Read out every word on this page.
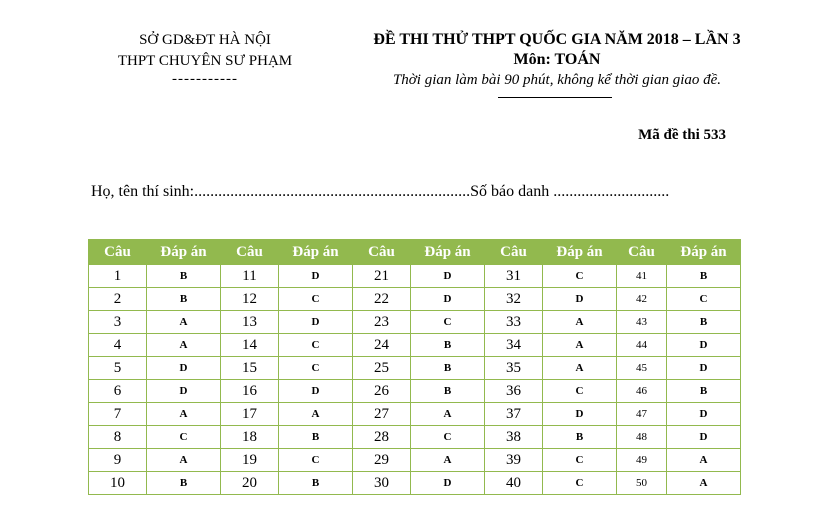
SỞ GD&ĐT HÀ NỘI
THPT CHUYÊN SƯ PHẠM
-----------
ĐỀ THI THỬ THPT QUỐC GIA NĂM 2018 – LẦN 3
Môn: TOÁN
Thời gian làm bài 90 phút, không kể thời gian giao đề.
Mã đề thi 533
Họ, tên thí sinh:.....................................................................Số báo danh .............................
Câu	Đáp án	Câu	Đáp án	Câu	Đáp án	Câu	Đáp án	Câu	Đáp án
1	B	11	D	21	D	31	C	41	B
2	B	12	C	22	D	32	D	42	C
3	A	13	D	23	C	33	A	43	B
4	A	14	C	24	B	34	A	44	D
5	D	15	C	25	B	35	A	45	D
6	D	16	D	26	B	36	C	46	B
7	A	17	A	27	A	37	D	47	D
8	C	18	B	28	C	38	B	48	D
9	A	19	C	29	A	39	C	49	A
10	B	20	B	30	D	40	C	50	A
